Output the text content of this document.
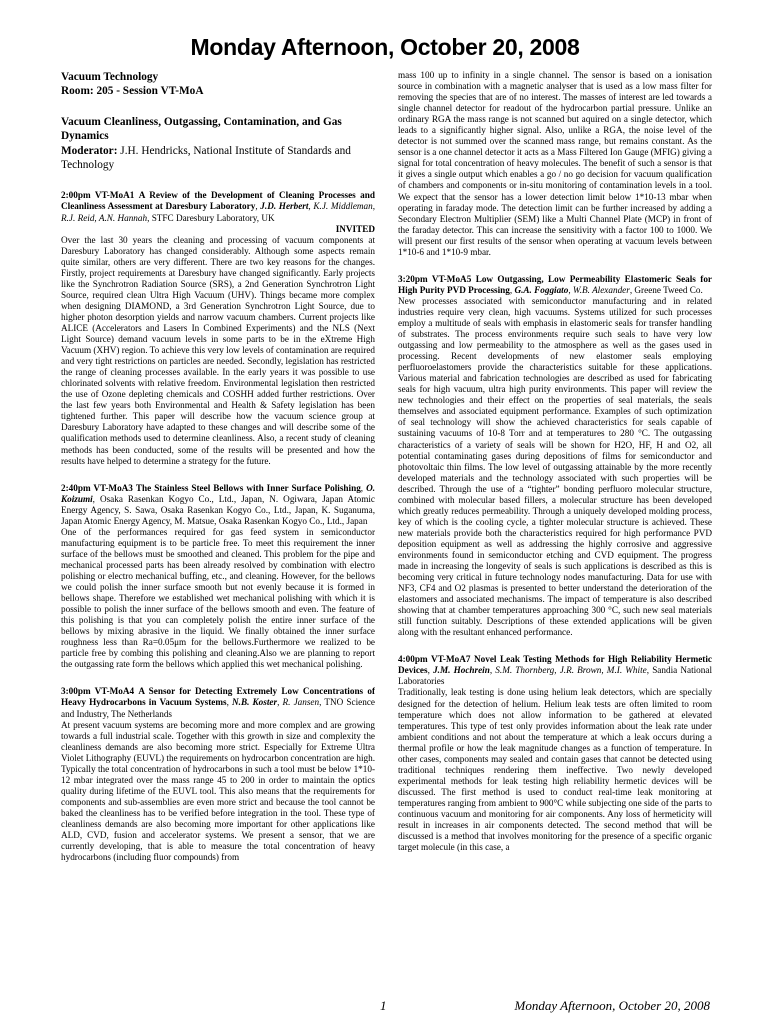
Monday Afternoon, October 20, 2008
Vacuum Technology
Room: 205 - Session VT-MoA
Vacuum Cleanliness, Outgassing, Contamination, and Gas Dynamics
Moderator: J.H. Hendricks, National Institute of Standards and Technology
2:00pm VT-MoA1 A Review of the Development of Cleaning Processes and Cleanliness Assessment at Daresbury Laboratory, J.D. Herbert, K.J. Middleman, R.J. Reid, A.N. Hannah, STFC Daresbury Laboratory, UK
INVITED
Over the last 30 years the cleaning and processing of vacuum components at Daresbury Laboratory has changed considerably. Although some aspects remain quite similar, others are very different. There are two key reasons for the changes. Firstly, project requirements at Daresbury have changed significantly. Early projects like the Synchrotron Radiation Source (SRS), a 2nd Generation Synchrotron Light Source, required clean Ultra High Vacuum (UHV). Things became more complex when designing DIAMOND, a 3rd Generation Synchrotron Light Source, due to higher photon desorption yields and narrow vacuum chambers. Current projects like ALICE (Accelerators and Lasers In Combined Experiments) and the NLS (Next Light Source) demand vacuum levels in some parts to be in the eXtreme High Vacuum (XHV) region. To achieve this very low levels of contamination are required and very tight restrictions on particles are needed. Secondly, legislation has restricted the range of cleaning processes available. In the early years it was possible to use chlorinated solvents with relative freedom. Environmental legislation then restricted the use of Ozone depleting chemicals and COSHH added further restrictions. Over the last few years both Environmental and Health & Safety legislation has been tightened further. This paper will describe how the vacuum science group at Daresbury Laboratory have adapted to these changes and will describe some of the qualification methods used to determine cleanliness. Also, a recent study of cleaning methods has been conducted, some of the results will be presented and how the results have helped to determine a strategy for the future.
2:40pm VT-MoA3 The Stainless Steel Bellows with Inner Surface Polishing, O. Koizumi, Osaka Rasenkan Kogyo Co., Ltd., Japan, N. Ogiwara, Japan Atomic Energy Agency, S. Sawa, Osaka Rasenkan Kogyo Co., Ltd., Japan, K. Suganuma, Japan Atomic Energy Agency, M. Matsue, Osaka Rasenkan Kogyo Co., Ltd., Japan
One of the performances required for gas feed system in semiconductor manufacturing equipment is to be particle free. To meet this requirement the inner surface of the bellows must be smoothed and cleaned. This problem for the pipe and mechanical processed parts has been already resolved by combination with electro polishing or electro mechanical buffing, etc., and cleaning. However, for the bellows we could polish the inner surface smooth but not evenly because it is formed in bellows shape. Therefore we established wet mechanical polishing with which it is possible to polish the inner surface of the bellows smooth and even. The feature of this polishing is that you can completely polish the entire inner surface of the bellows by mixing abrasive in the liquid. We finally obtained the inner surface roughness less than Ra=0.05μm for the bellows.Furthermore we realized to be particle free by combing this polishing and cleaning.Also we are planning to report the outgassing rate form the bellows which applied this wet mechanical polishing.
3:00pm VT-MoA4 A Sensor for Detecting Extremely Low Concentrations of Heavy Hydrocarbons in Vacuum Systems, N.B. Koster, R. Jansen, TNO Science and Industry, The Netherlands
At present vacuum systems are becoming more and more complex and are growing towards a full industrial scale. Together with this growth in size and complexity the cleanliness demands are also becoming more strict. Especially for Extreme Ultra Violet Lithography (EUVL) the requirements on hydrocarbon concentration are high. Typically the total concentration of hydrocarbons in such a tool must be below 1*10-12 mbar integrated over the mass range 45 to 200 in order to maintain the optics quality during lifetime of the EUVL tool. This also means that the requirements for components and sub-assemblies are even more strict and because the tool cannot be baked the cleanliness has to be verified before integration in the tool. These type of cleanliness demands are also becoming more important for other applications like ALD, CVD, fusion and accelerator systems. We present a sensor, that we are currently developing, that is able to measure the total concentration of heavy hydrocarbons (including fluor compounds) from
mass 100 up to infinity in a single channel. The sensor is based on a ionisation source in combination with a magnetic analyser that is used as a low mass filter for removing the species that are of no interest. The masses of interest are led towards a single channel detector for readout of the hydrocarbon partial pressure. Unlike an ordinary RGA the mass range is not scanned but aquired on a single detector, which leads to a significantly higher signal. Also, unlike a RGA, the noise level of the detector is not summed over the scanned mass range, but remains constant. As the sensor is a one channel detector it acts as a Mass Filtered Ion Gauge (MFIG) giving a signal for total concentration of heavy molecules. The benefit of such a sensor is that it gives a single output which enables a go / no go decision for vacuum qualification of chambers and components or in-situ monitoring of contamination levels in a tool. We expect that the sensor has a lower detection limit below 1*10-13 mbar when operating in faraday mode. The detection limit can be further increased by adding a Secondary Electron Multiplier (SEM) like a Multi Channel Plate (MCP) in front of the faraday detector. This can increase the sensitivity with a factor 100 to 1000. We will present our first results of the sensor when operating at vacuum levels between 1*10-6 and 1*10-9 mbar.
3:20pm VT-MoA5 Low Outgassing, Low Permeability Elastomeric Seals for High Purity PVD Processing, G.A. Foggiato, W.B. Alexander, Greene Tweed Co.
New processes associated with semiconductor manufacturing and in related industries require very clean, high vacuums. Systems utilized for such processes employ a multitude of seals with emphasis in elastomeric seals for transfer handling of substrates. The process environments require such seals to have very low outgassing and low permeability to the atmosphere as well as the gases used in processing. Recent developments of new elastomer seals employing perfluoroelastomers provide the characteristics suitable for these applications. Various material and fabrication technologies are described as used for fabricating seals for high vacuum, ultra high purity environments. This paper will review the new technologies and their effect on the properties of seal materials, the seals themselves and associated equipment performance. Examples of such optimization of seal technology will show the achieved characteristics for seals capable of sustaining vacuums of 10-8 Torr and at temperatures to 280 °C. The outgassing characteristics of a variety of seals will be shown for H2O, HF, H and O2, all potential contaminating gases during depositions of films for semiconductor and photovoltaic thin films. The low level of outgassing attainable by the more recently developed materials and the technology associated with such properties will be described. Through the use of a “tighter” bonding perfluoro molecular structure, combined with molecular based fillers, a molecular structure has been developed which greatly reduces permeability. Through a uniquely developed molding process, key of which is the cooling cycle, a tighter molecular structure is achieved. These new materials provide both the characteristics required for high performance PVD deposition equipment as well as addressing the highly corrosive and aggressive environments found in semiconductor etching and CVD equipment. The progress made in increasing the longevity of seals is such applications is described as this is becoming very critical in future technology nodes manufacturing. Data for use with NF3, CF4 and O2 plasmas is presented to better understand the deterioration of the elastomers and associated mechanisms. The impact of temperature is also described showing that at chamber temperatures approaching 300 °C, such new seal materials still function suitably. Descriptions of these extended applications will be given along with the resultant enhanced performance.
4:00pm VT-MoA7 Novel Leak Testing Methods for High Reliability Hermetic Devices, J.M. Hochrein, S.M. Thornberg, J.R. Brown, M.I. White, Sandia National Laboratories
Traditionally, leak testing is done using helium leak detectors, which are specially designed for the detection of helium. Helium leak tests are often limited to room temperature which does not allow information to be gathered at elevated temperatures. This type of test only provides information about the leak rate under ambient conditions and not about the temperature at which a leak occurs during a thermal profile or how the leak magnitude changes as a function of temperature. In other cases, components may sealed and contain gases that cannot be detected using traditional techniques rendering them ineffective. Two newly developed experimental methods for leak testing high reliability hermetic devices will be discussed. The first method is used to conduct real-time leak monitoring at temperatures ranging from ambient to 900°C while subjecting one side of the parts to continuous vacuum and monitoring for air components. Any loss of hermeticity will result in increases in air components detected. The second method that will be discussed is a method that involves monitoring for the presence of a specific organic target molecule (in this case, a
1	Monday Afternoon, October 20, 2008
